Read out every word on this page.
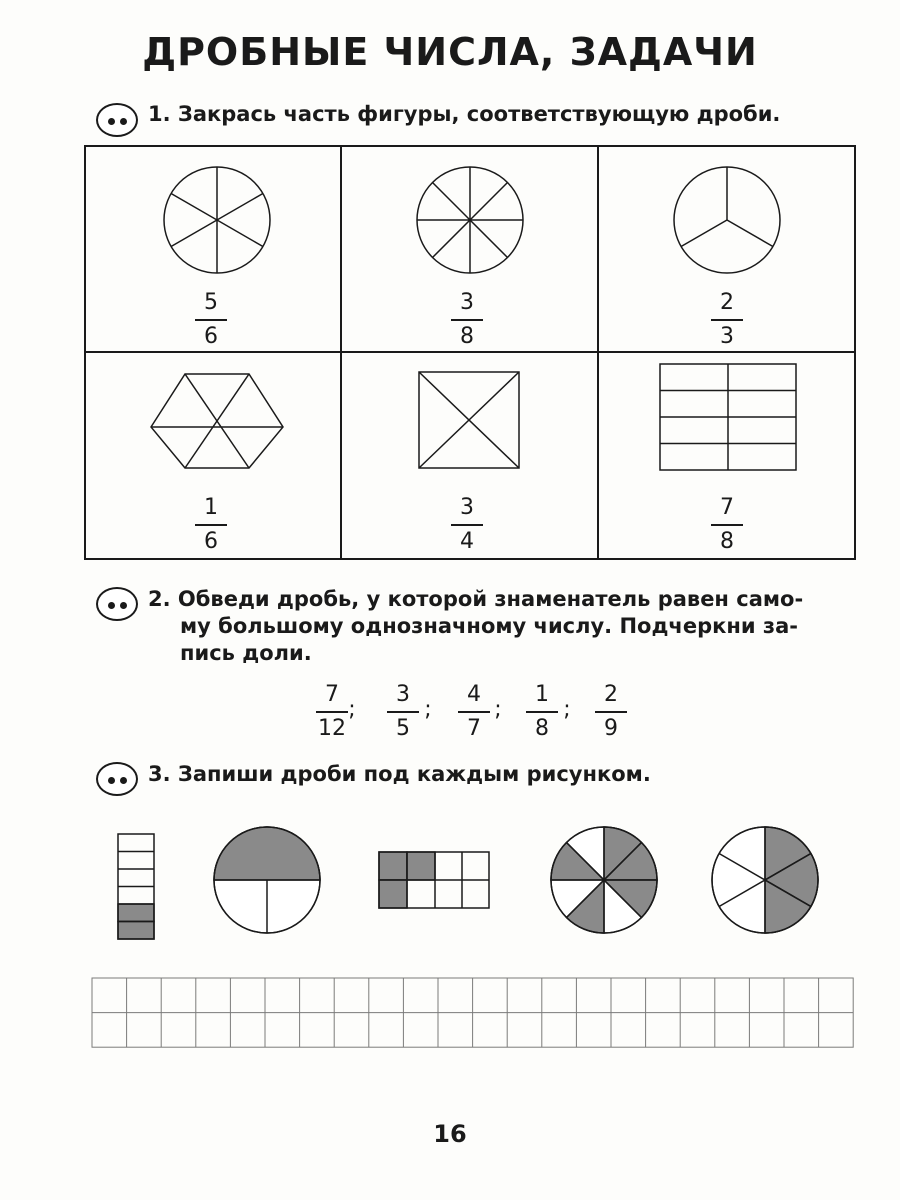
ДРОБНЫЕ ЧИСЛА, ЗАДАЧИ
1. Закрась часть фигуры, соответствующую дроби.
5
6
3
8
2
3
1
6
3
4
7
8
2. Обведи дробь, у которой знаменатель равен само-
му большому однозначному числу. Подчеркни за-
пись доли.
7
12
;
3
5
;
4
7
;
1
8
;
2
9
3. Запиши дроби под каждым рисунком.
16
